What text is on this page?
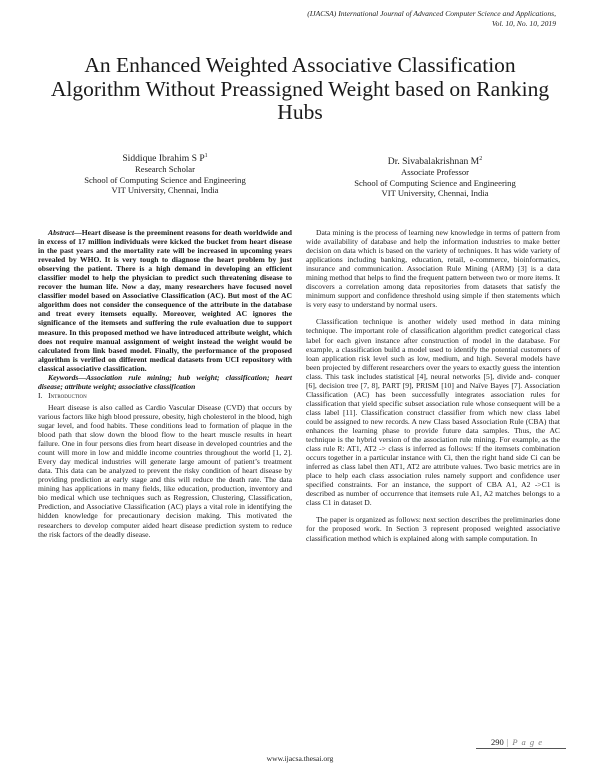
(IJACSA) International Journal of Advanced Computer Science and Applications,
Vol. 10, No. 10, 2019
An Enhanced Weighted Associative Classification Algorithm Without Preassigned Weight based on Ranking Hubs
Siddique Ibrahim S $P^1$
Research Scholar
School of Computing Science and Engineering
VIT University, Chennai, India
Dr. Sivabalakrishnan $M^2$
Associate Professor
School of Computing Science and Engineering
VIT University, Chennai, India

Abstract—Heart disease is the preeminent reasons for death worldwide and in excess of 17 million individuals were kicked the bucket from heart disease in the past years and the mortality rate will be increased in upcoming years revealed by WHO. It is very tough to diagnose the heart problem by just observing the patient. There is a high demand in developing an efficient classifier model to help the physician to predict such threatening disease to recover the human life. Now a day, many researchers have focused novel classifier model based on Associative Classification (AC). But most of the AC algorithm does not consider the consequence of the attribute in the database and treat every itemsets equally. Moreover, weighted AC ignores the significance of the itemsets and suffering the rule evaluation due to support measure. In this proposed method we have introduced attribute weight, which does not require manual assignment of weight instead the weight would be calculated from link based model. Finally, the performance of the proposed algorithm is verified on different medical datasets from UCI repository with classical associative classification.

Keywords—Association rule mining; hub weight; classification; heart disease; attribute weight; associative classification

I. Introduction

Heart disease is also called as Cardio Vascular Disease (CVD) that occurs by various factors like high blood pressure, obesity, high cholesterol in the blood, high sugar level, and food habits. These conditions lead to formation of plaque in the blood path that slow down the blood flow to the heart muscle results in heart failure. One in four persons dies from heart disease in developed countries and the count will more in low and middle income countries throughout the world [1, 2]. Every day medical industries will generate large amount of patient’s treatment data. This data can be analyzed to prevent the risky condition of heart disease by providing prediction at early stage and this will reduce the death rate. The data mining has applications in many fields, like education, production, inventory and bio medical which use techniques such as Regression, Clustering, Classification, Prediction, and Associative Classification (AC) plays a vital role in identifying the hidden knowledge for precautionary decision making. This motivated the researchers to develop computer aided heart disease prediction system to reduce the risk factors of the deadly disease.

Data mining is the process of learning new knowledge in terms of pattern from wide availability of database and help the information industries to make better decision on data which is based on the variety of techniques. It has wide variety of applications including banking, education, retail, e-commerce, bioinformatics, insurance and communication. Association Rule Mining (ARM) [3] is a data mining method that helps to find the frequent pattern between two or more items. It discovers a correlation among data repositories from datasets that satisfy the minimum support and confidence threshold using simple if then statements which is very easy to understand by normal users.

Classification technique is another widely used method in data mining technique. The important role of classification algorithm predict categorical class label for each given instance after construction of model in the database. For example, a classification build a model used to identify the potential customers of loan application risk level such as low, medium, and high. Several models have been projected by different researchers over the years to exactly guess the intention class. This task includes statistical [4], neural networks [5], divide and- conquer [6], decision tree [7, 8], PART [9], PRISM [10] and Naïve Bayes [7]. Association Classification (AC) has been successfully integrates association rules for classification that yield specific subset association rule whose consequent will be a class label [11]. Classification construct classifier from which new class label could be assigned to new records. A new Class based Association Rule (CBA) that enhances the learning phase to provide future data samples. Thus, the AC technique is the hybrid version of the association rule mining. For example, as the class rule R: AT1, AT2 -> class is inferred as follows: If the itemsets combination occurs together in a particular instance with Ci, then the right hand side Ci can be inferred as class label then AT1, AT2 are attribute values. Two basic metrics are in place to help each class association rules namely support and confidence user specified constraints. For an instance, the support of CBA A1, A2 ->C1 is described as number of occurrence that itemsets rule A1, A2 matches belongs to a class C1 in dataset D.

The paper is organized as follows: next section describes the preliminaries done for the proposed work. In Section 3 represent proposed weighted associative classification method which is explained along with sample computation. In

290 | P a g e
www.ijacsa.thesai.org
